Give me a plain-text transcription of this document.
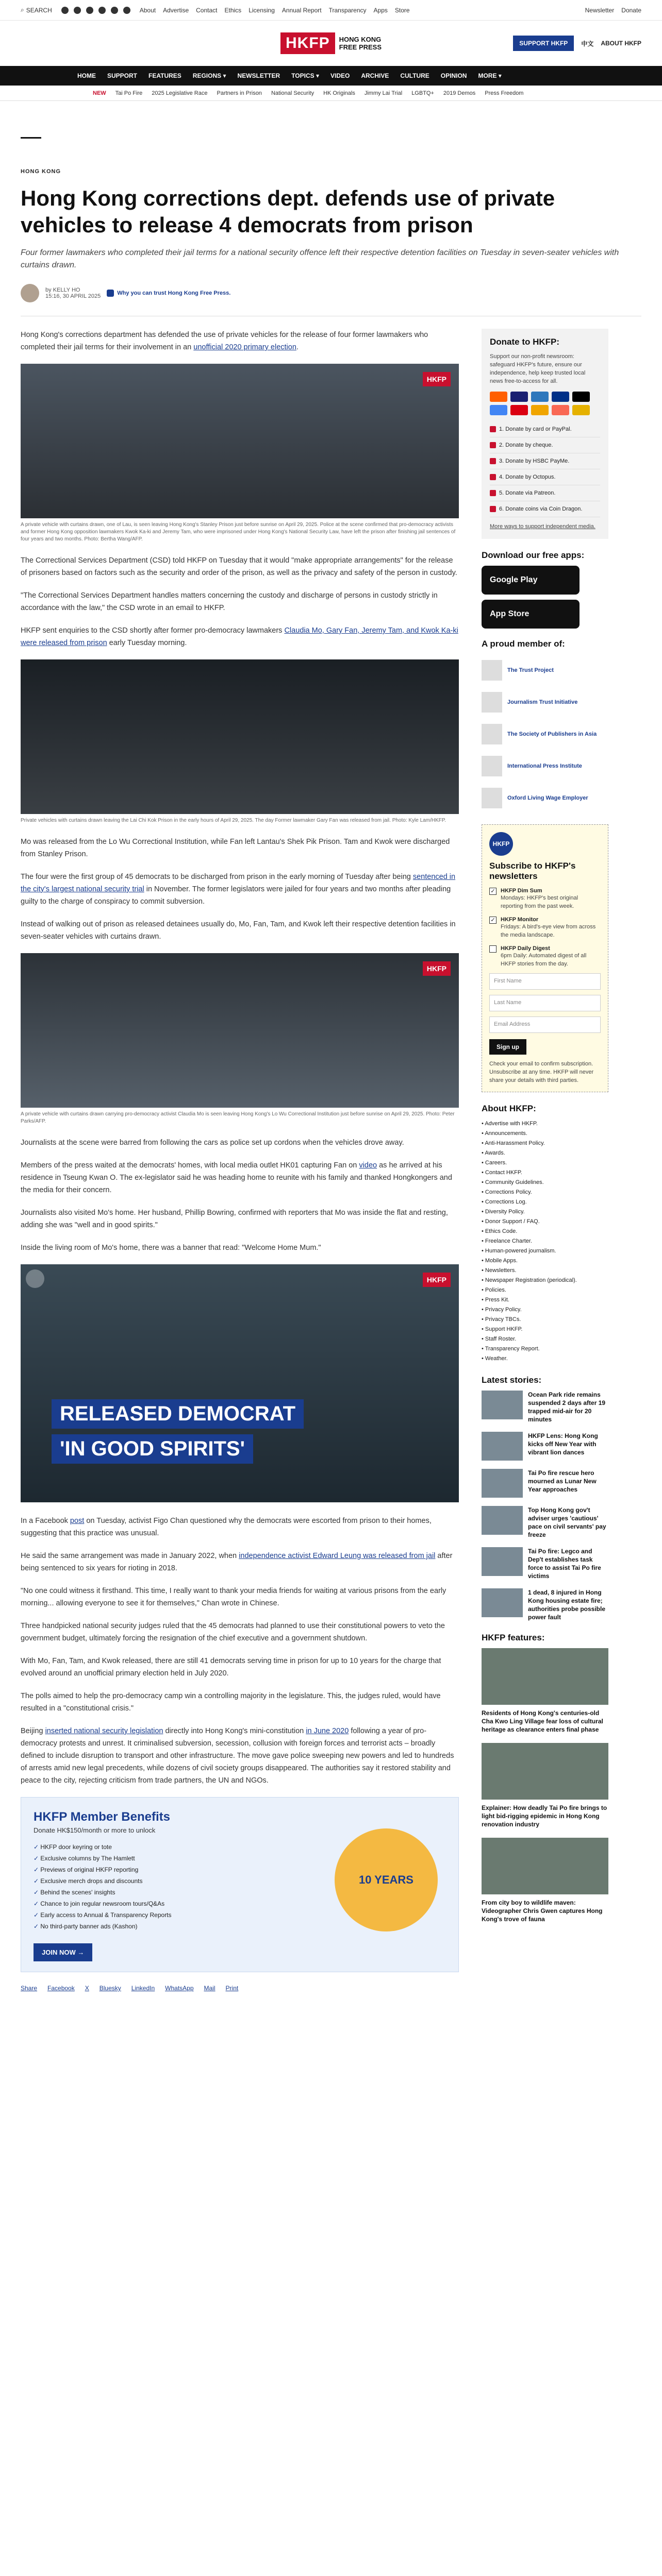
⌕ SEARCH	About Advertise Contact Ethics Licensing Annual Report Transparency Apps Store	Newsletter Donate
HKFP	HONG KONG
FREE PRESS	SUPPORT HKFP	中文 ABOUT HKFP
HOME SUPPORT FEATURES REGIONS ▾ NEWSLETTER TOPICS ▾ VIDEO ARCHIVE CULTURE OPINION MORE ▾
NEW Tai Po Fire 2025 Legislative Race Partners in Prison National Security HK Originals Jimmy Lai Trial LGBTQ+ 2019 Demos Press Freedom
HONG KONG
Hong Kong corrections dept. defends use of private vehicles to release 4 democrats from prison

Four former lawmakers who completed their jail terms for a national security offence left their respective detention facilities on Tuesday in seven-seater vehicles with curtains drawn.

by KELLY HO
15:16, 30 APRIL 2025	Why you can trust Hong Kong Free Press.

Hong Kong's corrections department has defended the use of private vehicles for the release of four former lawmakers who completed their jail terms for their involvement in an unofficial 2020 primary election.

HKFP
A private vehicle with curtains drawn, one of Lau, is seen leaving Hong Kong's Stanley Prison just before sunrise on April 29, 2025. Police at the scene confirmed that pro-democracy activists and former Hong Kong opposition lawmakers Kwok Ka-ki and Jeremy Tam, who were imprisoned under Hong Kong's National Security Law, have left the prison after finishing jail sentences of four years and two months. Photo: Bertha Wang/AFP.

The Correctional Services Department (CSD) told HKFP on Tuesday that it would "make appropriate arrangements" for the release of prisoners based on factors such as the security and order of the prison, as well as the privacy and safety of the person in custody.

"The Correctional Services Department handles matters concerning the custody and discharge of persons in custody strictly in accordance with the law," the CSD wrote in an email to HKFP.

HKFP sent enquiries to the CSD shortly after former pro-democracy lawmakers Claudia Mo, Gary Fan, Jeremy Tam, and Kwok Ka-ki were released from prison early Tuesday morning.

Private vehicles with curtains drawn leaving the Lai Chi Kok Prison in the early hours of April 29, 2025. The day Former lawmaker Gary Fan was released from jail. Photo: Kyle Lam/HKFP.

Mo was released from the Lo Wu Correctional Institution, while Fan left Lantau's Shek Pik Prison. Tam and Kwok were discharged from Stanley Prison.

The four were the first group of 45 democrats to be discharged from prison in the early morning of Tuesday after being sentenced in the city's largest national security trial in November. The former legislators were jailed for four years and two months after pleading guilty to the charge of conspiracy to commit subversion.

Instead of walking out of prison as released detainees usually do, Mo, Fan, Tam, and Kwok left their respective detention facilities in seven-seater vehicles with curtains drawn.

HKFP
A private vehicle with curtains drawn carrying pro-democracy activist Claudia Mo is seen leaving Hong Kong's Lo Wu Correctional Institution just before sunrise on April 29, 2025. Photo: Peter Parks/AFP.

Journalists at the scene were barred from following the cars as police set up cordons when the vehicles drove away.

Members of the press waited at the democrats' homes, with local media outlet HK01 capturing Fan on video as he arrived at his residence in Tseung Kwan O. The ex-legislator said he was heading home to reunite with his family and thanked Hongkongers and the media for their concern.

Journalists also visited Mo's home. Her husband, Phillip Bowring, confirmed with reporters that Mo was inside the flat and resting, adding she was "well and in good spirits."

Inside the living room of Mo's home, there was a banner that read: "Welcome Home Mum."

HKFP
RELEASED DEMOCRAT
'IN GOOD SPIRITS'

In a Facebook post on Tuesday, activist Figo Chan questioned why the democrats were escorted from prison to their homes, suggesting that this practice was unusual.

He said the same arrangement was made in January 2022, when independence activist Edward Leung was released from jail after being sentenced to six years for rioting in 2018.

"No one could witness it firsthand. This time, I really want to thank your media friends for waiting at various prisons from the early morning... allowing everyone to see it for themselves," Chan wrote in Chinese.

Three handpicked national security judges ruled that the 45 democrats had planned to use their constitutional powers to veto the government budget, ultimately forcing the resignation of the chief executive and a government shutdown.

With Mo, Fan, Tam, and Kwok released, there are still 41 democrats serving time in prison for up to 10 years for the charge that evolved around an unofficial primary election held in July 2020.

The polls aimed to help the pro-democracy camp win a controlling majority in the legislature. This, the judges ruled, would have resulted in a "constitutional crisis."

Beijing inserted national security legislation directly into Hong Kong's mini-constitution in June 2020 following a year of pro-democracy protests and unrest. It criminalised subversion, secession, collusion with foreign forces and terrorist acts – broadly defined to include disruption to transport and other infrastructure. The move gave police sweeping new powers and led to hundreds of arrests amid new legal precedents, while dozens of civil society groups disappeared. The authorities say it restored stability and peace to the city, rejecting criticism from trade partners, the UN and NGOs.

HKFP Member Benefits
Donate HK$150/month or more to unlock
✓ HKFP door keyring or tote
✓ Exclusive columns by The Hamlett
✓ Previews of original HKFP reporting
✓ Exclusive merch drops and discounts
✓ Behind the scenes' insights
✓ Chance to join regular newsroom tours/Q&As
✓ Early access to Annual & Transparency Reports
✓ No third-party banner ads (Kashon)
JOIN NOW →
10 YEARS
Share Facebook X Bluesky LinkedIn WhatsApp Mail Print
Donate to HKFP:
Support our non-profit newsroom: safeguard HKFP's future, ensure our independence, help keep trusted local news free-to-access for all.
1. Donate by card or PayPal.
2. Donate by cheque.
3. Donate by HSBC PayMe.
4. Donate by Octopus.
5. Donate via Patreon.
6. Donate coins via Coin Dragon.
More ways to support independent media.
Download our free apps:
Google Play
App Store
A proud member of:
The Trust Project
Journalism Trust Initiative
The Society of Publishers in Asia
International Press Institute
Oxford Living Wage Employer
HKFP
Subscribe to HKFP's newsletters
✓ HKFP Dim Sum
Mondays: HKFP's best original reporting from the past week.
✓ HKFP Monitor
Fridays: A bird's-eye view from across the media landscape.
HKFP Daily Digest
6pm Daily: Automated digest of all HKFP stories from the day.
First Name
Last Name
Email Address
Sign up
Check your email to confirm subscription. Unsubscribe at any time. HKFP will never share your details with third parties.
About HKFP:
• Advertise with HKFP.
• Announcements.
• Anti-Harassment Policy.
• Awards.
• Careers.
• Contact HKFP.
• Community Guidelines.
• Corrections Policy.
• Corrections Log.
• Diversity Policy.
• Donor Support / FAQ.
• Ethics Code.
• Freelance Charter.
• Human-powered journalism.
• Mobile Apps.
• Newsletters.
• Newspaper Registration (periodical).
• Policies.
• Press Kit.
• Privacy Policy.
• Privacy TBCs.
• Support HKFP.
• Staff Roster.
• Transparency Report.
• Weather.
Latest stories:
Ocean Park ride remains suspended 2 days after 19 trapped mid-air for 20 minutes
HKFP Lens: Hong Kong kicks off New Year with vibrant lion dances
Tai Po fire rescue hero mourned as Lunar New Year approaches
Top Hong Kong gov't adviser urges 'cautious' pace on civil servants' pay freeze
Tai Po fire: Legco and Dep't establishes task force to assist Tai Po fire victims
1 dead, 8 injured in Hong Kong housing estate fire; authorities probe possible power fault
HKFP features:
Residents of Hong Kong's centuries-old Cha Kwo Ling Village fear loss of cultural heritage as clearance enters final phase
Explainer: How deadly Tai Po fire brings to light bid-rigging epidemic in Hong Kong renovation industry
From city boy to wildlife maven: Videographer Chris Gwen captures Hong Kong's trove of fauna
